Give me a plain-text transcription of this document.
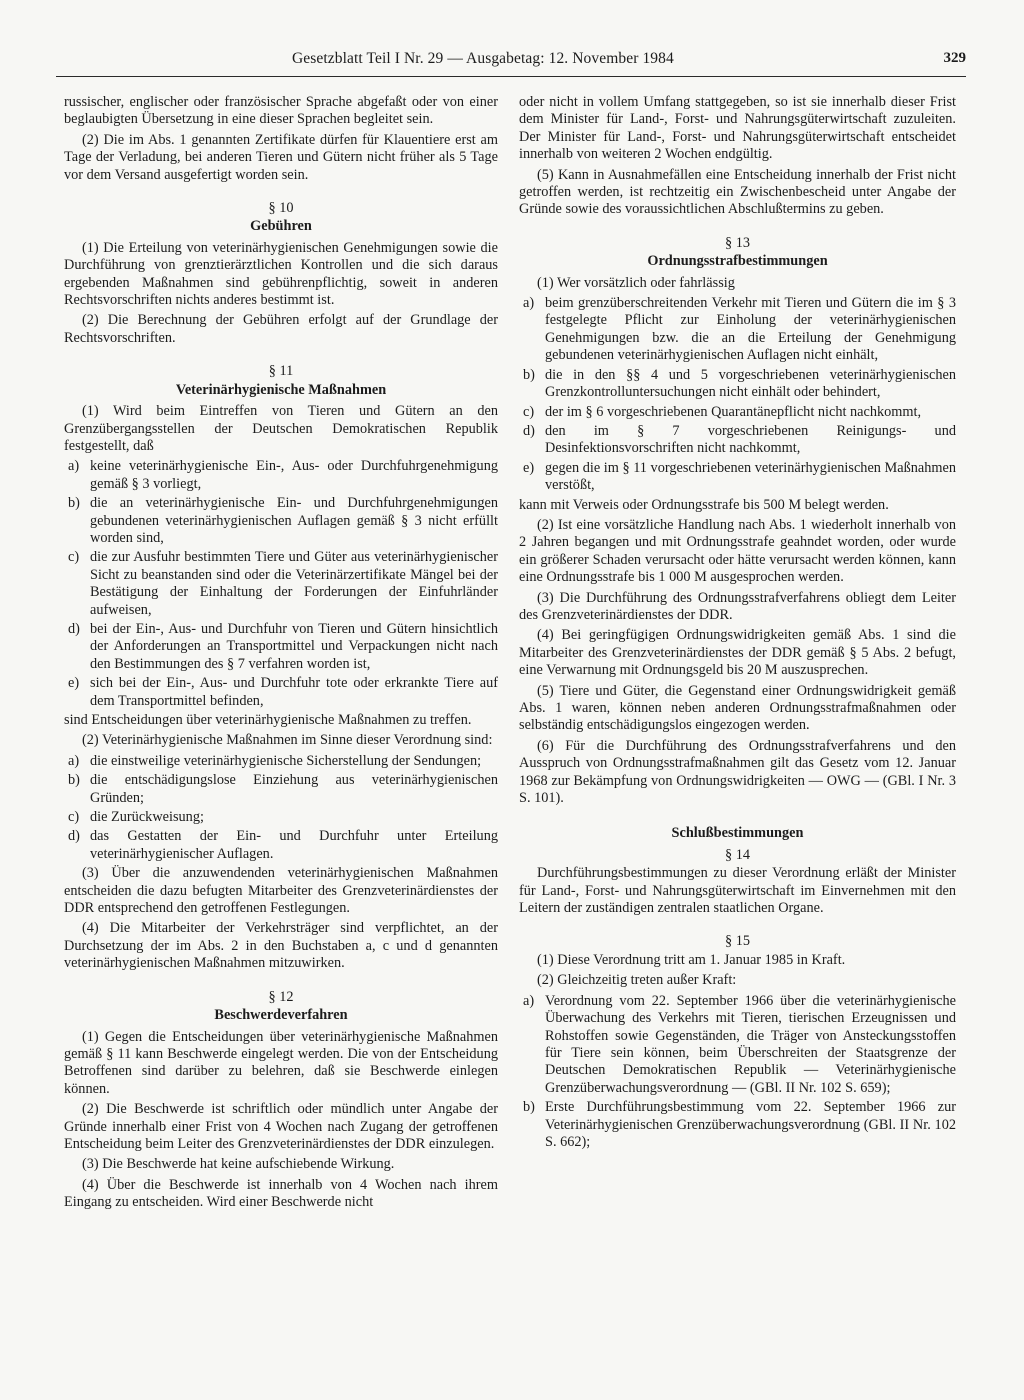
Gesetzblatt Teil I Nr. 29 — Ausgabetag: 12. November 1984	329

russischer, englischer oder französischer Sprache abgefaßt oder von einer beglaubigten Übersetzung in eine dieser Sprachen begleitet sein.

(2) Die im Abs. 1 genannten Zertifikate dürfen für Klauentiere erst am Tage der Verladung, bei anderen Tieren und Gütern nicht früher als 5 Tage vor dem Versand ausgefertigt worden sein.

§ 10
Gebühren

(1) Die Erteilung von veterinärhygienischen Genehmigungen sowie die Durchführung von grenztierärztlichen Kontrollen und die sich daraus ergebenden Maßnahmen sind gebührenpflichtig, soweit in anderen Rechtsvorschriften nichts anderes bestimmt ist.

(2) Die Berechnung der Gebühren erfolgt auf der Grundlage der Rechtsvorschriften.

§ 11
Veterinärhygienische Maßnahmen

(1) Wird beim Eintreffen von Tieren und Gütern an den Grenzübergangsstellen der Deutschen Demokratischen Republik festgestellt, daß

a) keine veterinärhygienische Ein-, Aus- oder Durchfuhrgenehmigung gemäß § 3 vorliegt,
b) die an veterinärhygienische Ein- und Durchfuhrgenehmigungen gebundenen veterinärhygienischen Auflagen gemäß § 3 nicht erfüllt worden sind,
c) die zur Ausfuhr bestimmten Tiere und Güter aus veterinärhygienischer Sicht zu beanstanden sind oder die Veterinärzertifikate Mängel bei der Bestätigung der Einhaltung der Forderungen der Einfuhrländer aufweisen,
d) bei der Ein-, Aus- und Durchfuhr von Tieren und Gütern hinsichtlich der Anforderungen an Transportmittel und Verpackungen nicht nach den Bestimmungen des § 7 verfahren worden ist,
e) sich bei der Ein-, Aus- und Durchfuhr tote oder erkrankte Tiere auf dem Transportmittel befinden,

sind Entscheidungen über veterinärhygienische Maßnahmen zu treffen.

(2) Veterinärhygienische Maßnahmen im Sinne dieser Verordnung sind:

a) die einstweilige veterinärhygienische Sicherstellung der Sendungen;
b) die entschädigungslose Einziehung aus veterinärhygienischen Gründen;
c) die Zurückweisung;
d) das Gestatten der Ein- und Durchfuhr unter Erteilung veterinärhygienischer Auflagen.

(3) Über die anzuwendenden veterinärhygienischen Maßnahmen entscheiden die dazu befugten Mitarbeiter des Grenzveterinärdienstes der DDR entsprechend den getroffenen Festlegungen.

(4) Die Mitarbeiter der Verkehrsträger sind verpflichtet, an der Durchsetzung der im Abs. 2 in den Buchstaben a, c und d genannten veterinärhygienischen Maßnahmen mitzuwirken.

§ 12
Beschwerdeverfahren

(1) Gegen die Entscheidungen über veterinärhygienische Maßnahmen gemäß § 11 kann Beschwerde eingelegt werden. Die von der Entscheidung Betroffenen sind darüber zu belehren, daß sie Beschwerde einlegen können.

(2) Die Beschwerde ist schriftlich oder mündlich unter Angabe der Gründe innerhalb einer Frist von 4 Wochen nach Zugang der getroffenen Entscheidung beim Leiter des Grenzveterinärdienstes der DDR einzulegen.

(3) Die Beschwerde hat keine aufschiebende Wirkung.

(4) Über die Beschwerde ist innerhalb von 4 Wochen nach ihrem Eingang zu entscheiden. Wird einer Beschwerde nicht

oder nicht in vollem Umfang stattgegeben, so ist sie innerhalb dieser Frist dem Minister für Land-, Forst- und Nahrungsgüterwirtschaft zuzuleiten. Der Minister für Land-, Forst- und Nahrungsgüterwirtschaft entscheidet innerhalb von weiteren 2 Wochen endgültig.

(5) Kann in Ausnahmefällen eine Entscheidung innerhalb der Frist nicht getroffen werden, ist rechtzeitig ein Zwischenbescheid unter Angabe der Gründe sowie des voraussichtlichen Abschlußtermins zu geben.

§ 13
Ordnungsstrafbestimmungen

(1) Wer vorsätzlich oder fahrlässig

a) beim grenzüberschreitenden Verkehr mit Tieren und Gütern die im § 3 festgelegte Pflicht zur Einholung der veterinärhygienischen Genehmigungen bzw. die an die Erteilung der Genehmigung gebundenen veterinärhygienischen Auflagen nicht einhält,
b) die in den §§ 4 und 5 vorgeschriebenen veterinärhygienischen Grenzkontrolluntersuchungen nicht einhält oder behindert,
c) der im § 6 vorgeschriebenen Quarantänepflicht nicht nachkommt,
d) den im § 7 vorgeschriebenen Reinigungs- und Desinfektionsvorschriften nicht nachkommt,
e) gegen die im § 11 vorgeschriebenen veterinärhygienischen Maßnahmen verstößt,

kann mit Verweis oder Ordnungsstrafe bis 500 M belegt werden.

(2) Ist eine vorsätzliche Handlung nach Abs. 1 wiederholt innerhalb von 2 Jahren begangen und mit Ordnungsstrafe geahndet worden, oder wurde ein größerer Schaden verursacht oder hätte verursacht werden können, kann eine Ordnungsstrafe bis 1 000 M ausgesprochen werden.

(3) Die Durchführung des Ordnungsstrafverfahrens obliegt dem Leiter des Grenzveterinärdienstes der DDR.

(4) Bei geringfügigen Ordnungswidrigkeiten gemäß Abs. 1 sind die Mitarbeiter des Grenzveterinärdienstes der DDR gemäß § 5 Abs. 2 befugt, eine Verwarnung mit Ordnungsgeld bis 20 M auszusprechen.

(5) Tiere und Güter, die Gegenstand einer Ordnungswidrigkeit gemäß Abs. 1 waren, können neben anderen Ordnungsstrafmaßnahmen oder selbständig entschädigungslos eingezogen werden.

(6) Für die Durchführung des Ordnungsstrafverfahrens und den Ausspruch von Ordnungsstrafmaßnahmen gilt das Gesetz vom 12. Januar 1968 zur Bekämpfung von Ordnungswidrigkeiten — OWG — (GBl. I Nr. 3 S. 101).

Schlußbestimmungen
§ 14

Durchführungsbestimmungen zu dieser Verordnung erläßt der Minister für Land-, Forst- und Nahrungsgüterwirtschaft im Einvernehmen mit den Leitern der zuständigen zentralen staatlichen Organe.

§ 15

(1) Diese Verordnung tritt am 1. Januar 1985 in Kraft.

(2) Gleichzeitig treten außer Kraft:

a) Verordnung vom 22. September 1966 über die veterinärhygienische Überwachung des Verkehrs mit Tieren, tierischen Erzeugnissen und Rohstoffen sowie Gegenständen, die Träger von Ansteckungsstoffen für Tiere sein können, beim Überschreiten der Staatsgrenze der Deutschen Demokratischen Republik — Veterinärhygienische Grenzüberwachungsverordnung — (GBl. II Nr. 102 S. 659);
b) Erste Durchführungsbestimmung vom 22. September 1966 zur Veterinärhygienischen Grenzüberwachungsverordnung (GBl. II Nr. 102 S. 662);
